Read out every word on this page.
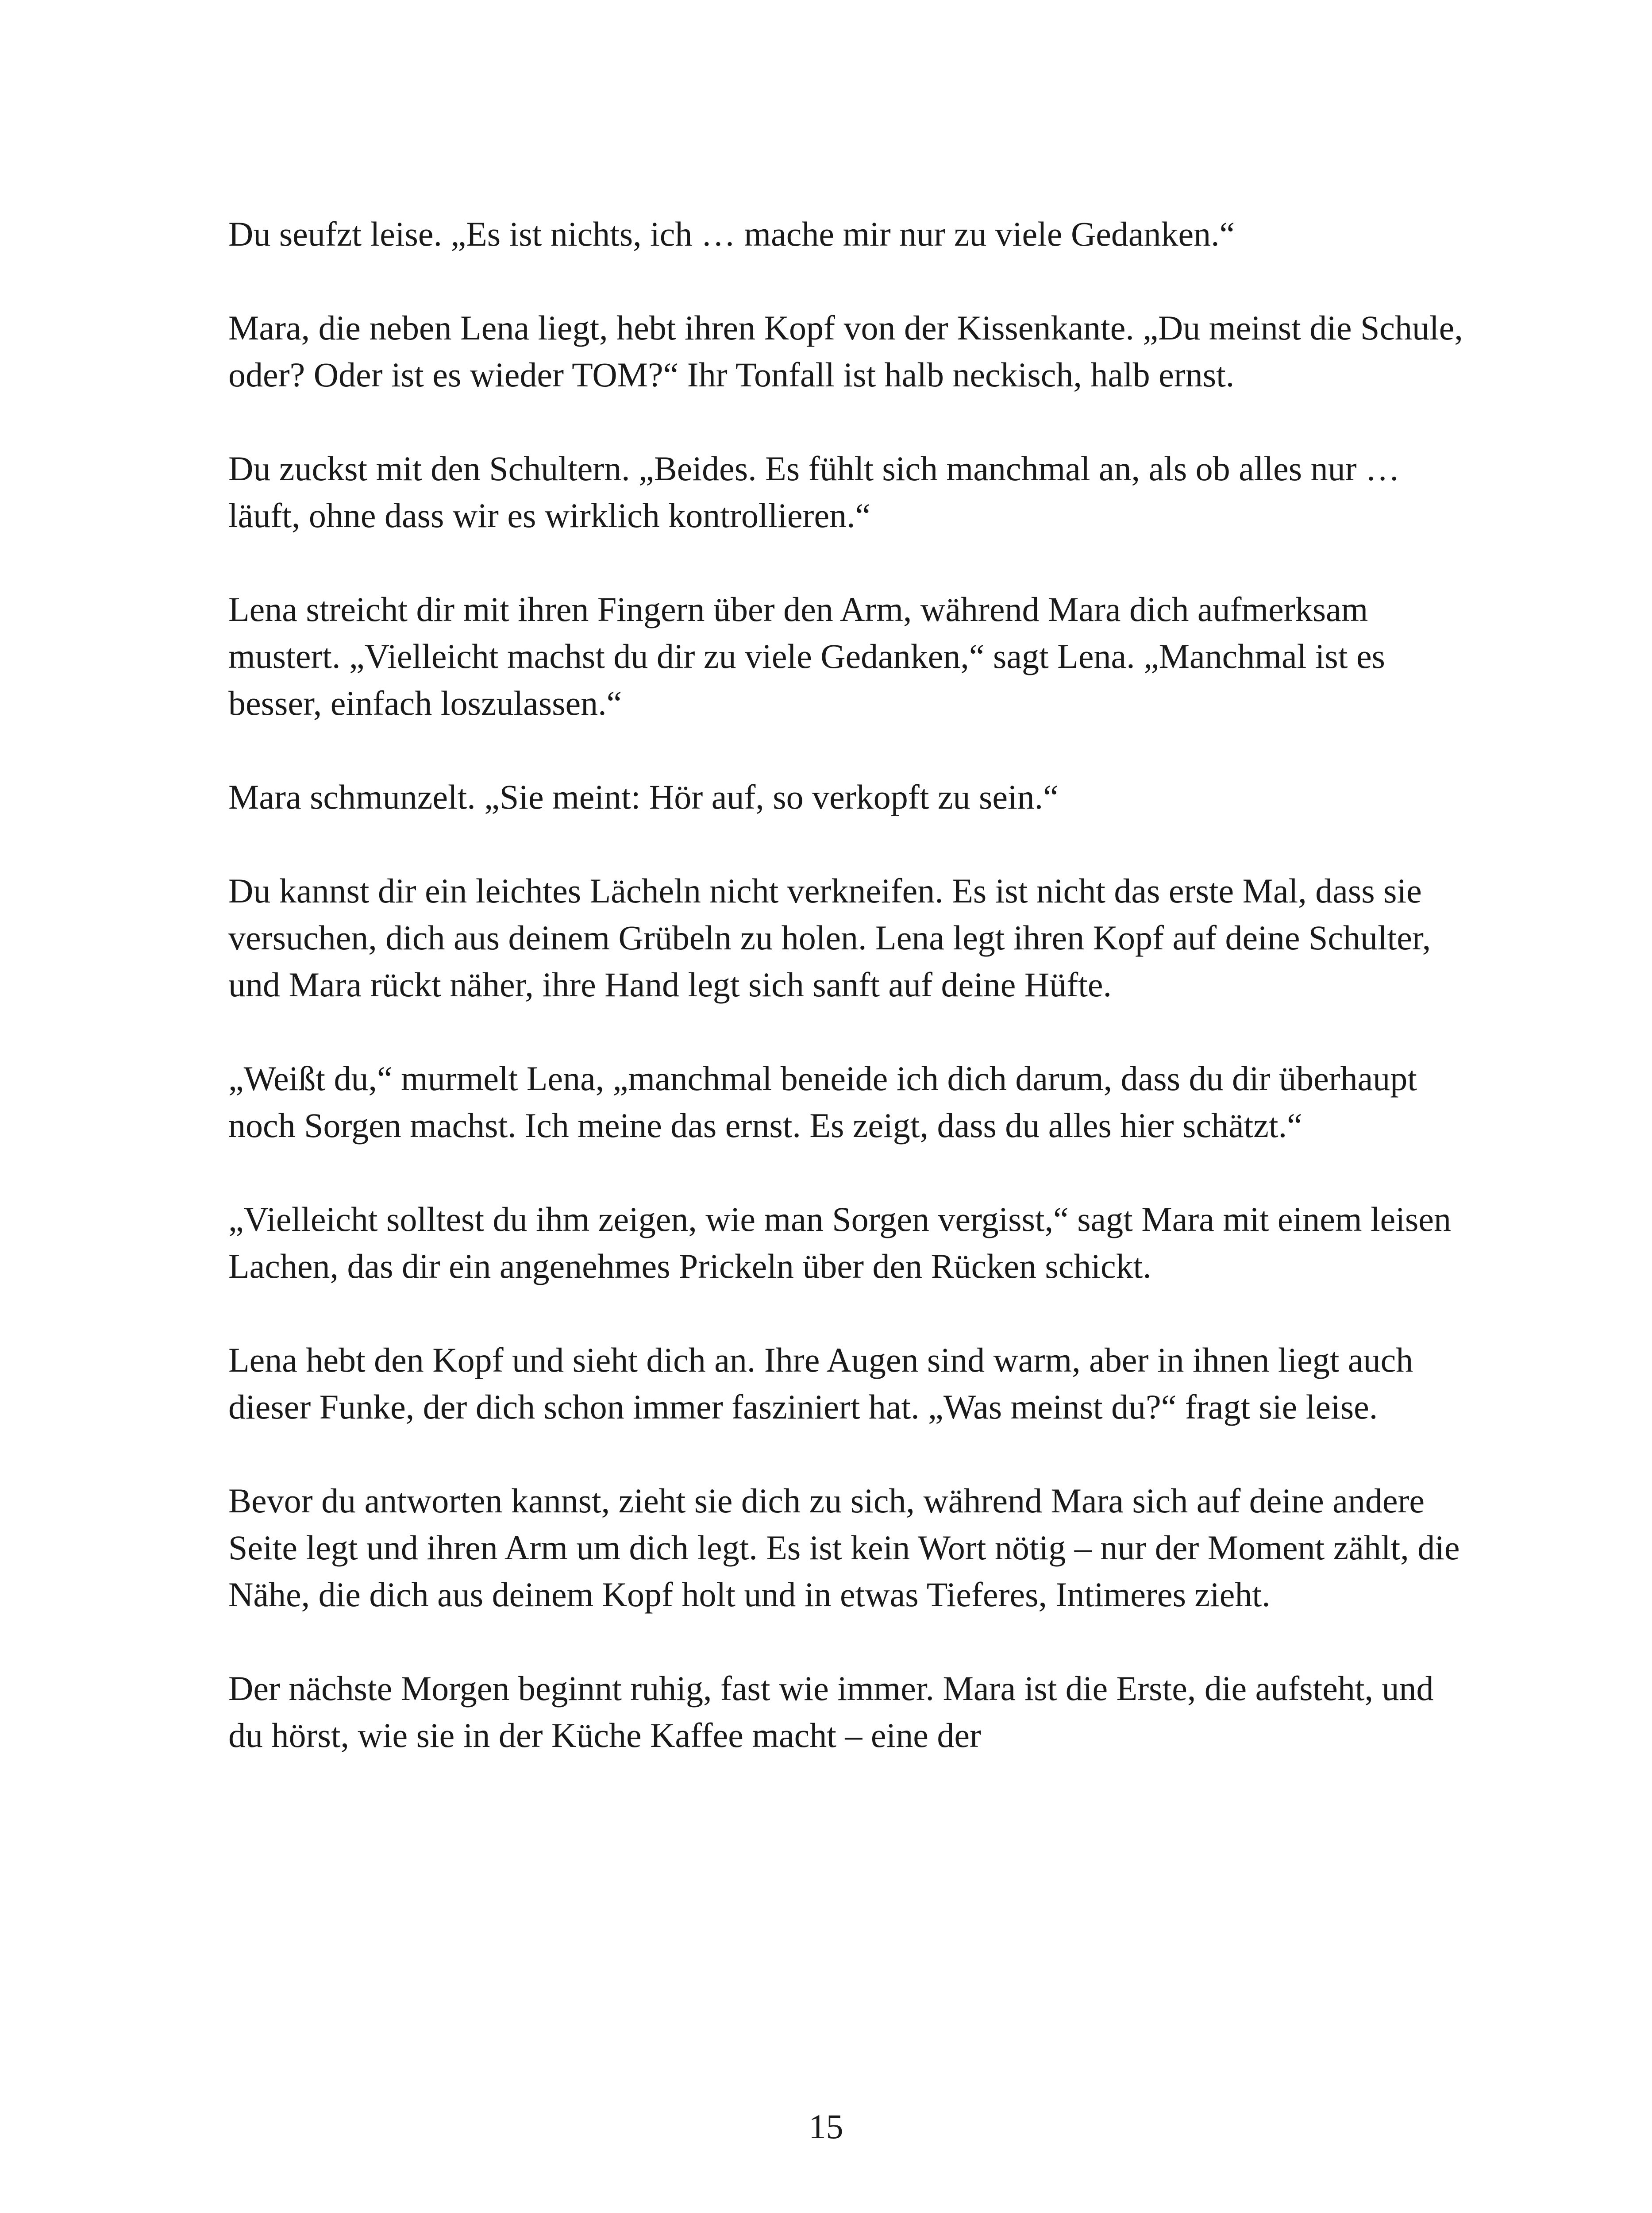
Du seufzt leise. „Es ist nichts, ich … mache mir nur zu viele Gedanken.“

Mara, die neben Lena liegt, hebt ihren Kopf von der Kissenkante. „Du meinst die Schule, oder? Oder ist es wieder TOM?“ Ihr Tonfall ist halb neckisch, halb ernst.

Du zuckst mit den Schultern. „Beides. Es fühlt sich manchmal an, als ob alles nur … läuft, ohne dass wir es wirklich kontrollieren.“

Lena streicht dir mit ihren Fingern über den Arm, während Mara dich aufmerksam mustert. „Vielleicht machst du dir zu viele Gedanken,“ sagt Lena. „Manchmal ist es besser, einfach loszulassen.“

Mara schmunzelt. „Sie meint: Hör auf, so verkopft zu sein.“

Du kannst dir ein leichtes Lächeln nicht verkneifen. Es ist nicht das erste Mal, dass sie versuchen, dich aus deinem Grübeln zu holen. Lena legt ihren Kopf auf deine Schulter, und Mara rückt näher, ihre Hand legt sich sanft auf deine Hüfte.

„Weißt du,“ murmelt Lena, „manchmal beneide ich dich darum, dass du dir überhaupt noch Sorgen machst. Ich meine das ernst. Es zeigt, dass du alles hier schätzt.“

„Vielleicht solltest du ihm zeigen, wie man Sorgen vergisst,“ sagt Mara mit einem leisen Lachen, das dir ein angenehmes Prickeln über den Rücken schickt.

Lena hebt den Kopf und sieht dich an. Ihre Augen sind warm, aber in ihnen liegt auch dieser Funke, der dich schon immer fasziniert hat. „Was meinst du?“ fragt sie leise.

Bevor du antworten kannst, zieht sie dich zu sich, während Mara sich auf deine andere Seite legt und ihren Arm um dich legt. Es ist kein Wort nötig – nur der Moment zählt, die Nähe, die dich aus deinem Kopf holt und in etwas Tieferes, Intimeres zieht.

Der nächste Morgen beginnt ruhig, fast wie immer. Mara ist die Erste, die aufsteht, und du hörst, wie sie in der Küche Kaffee macht – eine der

15
